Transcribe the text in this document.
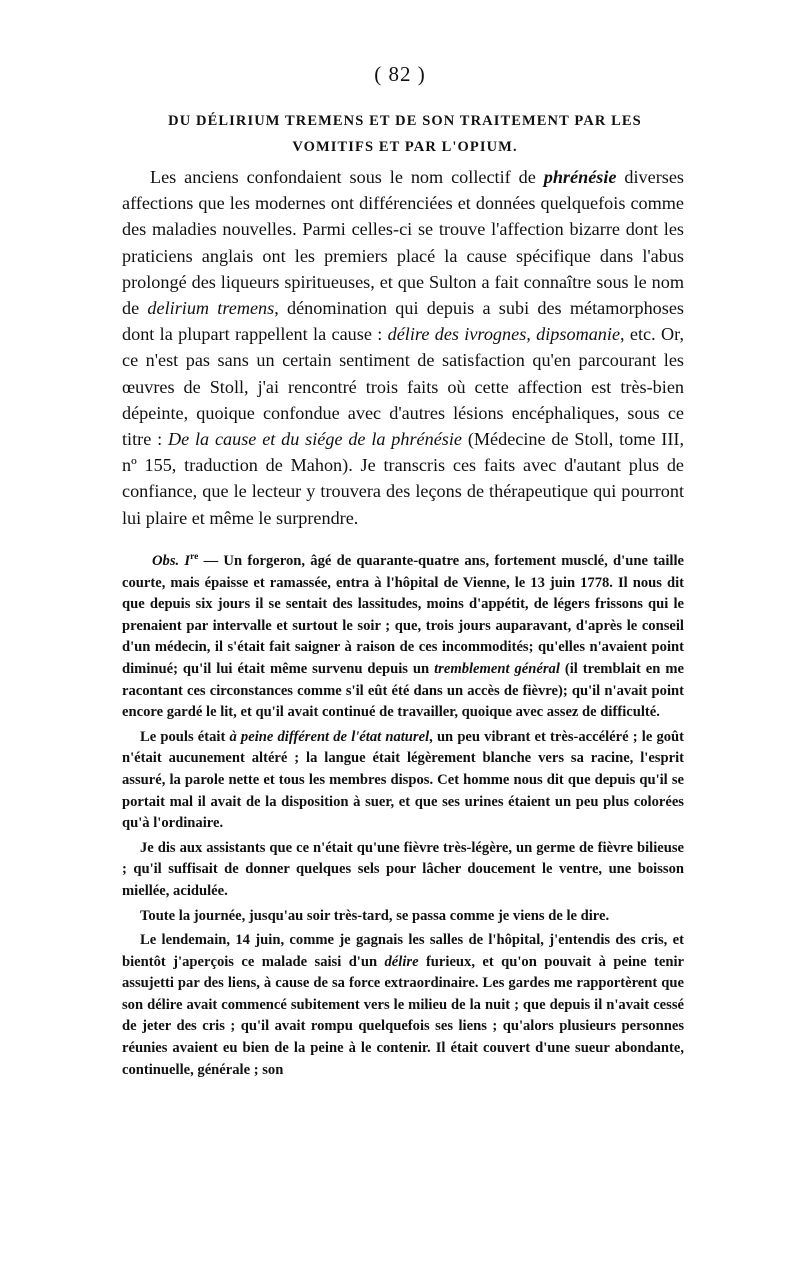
( 82 )
DU DÉLIRIUM TREMENS ET DE SON TRAITEMENT PAR LES
VOMITIFS ET PAR L'OPIUM.

Les anciens confondaient sous le nom collectif de phrénésie diverses affections que les modernes ont différenciées et données quelquefois comme des maladies nouvelles. Parmi celles-ci se trouve l'affection bizarre dont les praticiens anglais ont les premiers placé la cause spécifique dans l'abus prolongé des liqueurs spiritueuses, et que Sulton a fait connaître sous le nom de delirium tremens, dénomination qui depuis a subi des métamorphoses dont la plupart rappellent la cause : délire des ivrognes, dipsomanie, etc. Or, ce n'est pas sans un certain sentiment de satisfaction qu'en parcourant les œuvres de Stoll, j'ai rencontré trois faits où cette affection est très-bien dépeinte, quoique confondue avec d'autres lésions encéphaliques, sous ce titre : De la cause et du siége de la phrénésie (Médecine de Stoll, tome III, nº 155, traduction de Mahon). Je transcris ces faits avec d'autant plus de confiance, que le lecteur y trouvera des leçons de thérapeutique qui pourront lui plaire et même le surprendre.

Obs. Ire — Un forgeron, âgé de quarante-quatre ans, fortement musclé, d'une taille courte, mais épaisse et ramassée, entra à l'hôpital de Vienne, le 13 juin 1778. Il nous dit que depuis six jours il se sentait des lassitudes, moins d'appétit, de légers frissons qui le prenaient par intervalle et surtout le soir ; que, trois jours auparavant, d'après le conseil d'un médecin, il s'était fait saigner à raison de ces incommodités; qu'elles n'avaient point diminué; qu'il lui était même survenu depuis un tremblement général (il tremblait en me racontant ces circonstances comme s'il eût été dans un accès de fièvre); qu'il n'avait point encore gardé le lit, et qu'il avait continué de travailler, quoique avec assez de difficulté.

Le pouls était à peine différent de l'état naturel, un peu vibrant et très-accéléré ; le goût n'était aucunement altéré ; la langue était légèrement blanche vers sa racine, l'esprit assuré, la parole nette et tous les membres dispos. Cet homme nous dit que depuis qu'il se portait mal il avait de la disposition à suer, et que ses urines étaient un peu plus colorées qu'à l'ordinaire.

Je dis aux assistants que ce n'était qu'une fièvre très-légère, un germe de fièvre bilieuse ; qu'il suffisait de donner quelques sels pour lâcher doucement le ventre, une boisson miellée, acidulée.

Toute la journée, jusqu'au soir très-tard, se passa comme je viens de le dire.

Le lendemain, 14 juin, comme je gagnais les salles de l'hôpital, j'entendis des cris, et bientôt j'aperçois ce malade saisi d'un délire furieux, et qu'on pouvait à peine tenir assujetti par des liens, à cause de sa force extraordinaire. Les gardes me rapportèrent que son délire avait commencé subitement vers le milieu de la nuit ; que depuis il n'avait cessé de jeter des cris ; qu'il avait rompu quelquefois ses liens ; qu'alors plusieurs personnes réunies avaient eu bien de la peine à le contenir. Il était couvert d'une sueur abondante, continuelle, générale ; son
